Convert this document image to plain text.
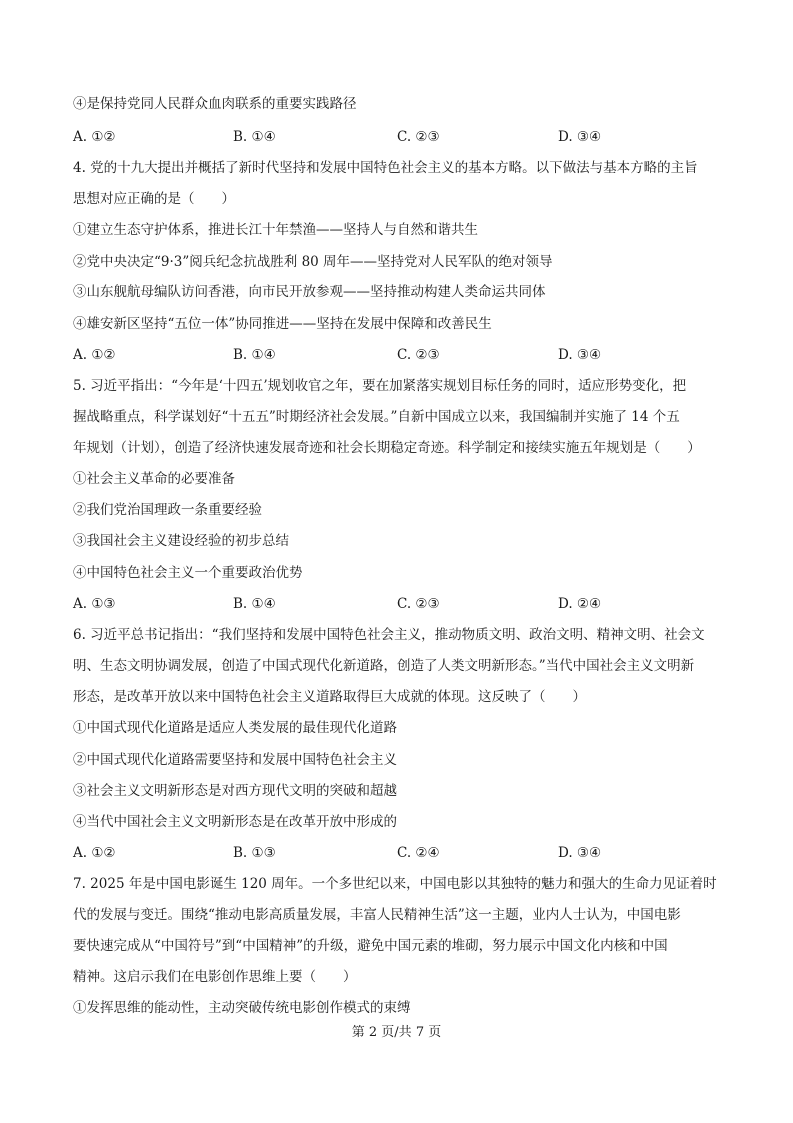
④是保持党同人民群众血肉联系的重要实践路径
A. ①②	B. ①④	C. ②③	D. ③④
4. 党的十九大提出并概括了新时代坚持和发展中国特色社会主义的基本方略。以下做法与基本方略的主旨
思想对应正确的是（　　）
①建立生态守护体系，推进长江十年禁渔——坚持人与自然和谐共生
②党中央决定“9·3”阅兵纪念抗战胜利 80 周年——坚持党对人民军队的绝对领导
③山东舰航母编队访问香港，向市民开放参观——坚持推动构建人类命运共同体
④雄安新区坚持“五位一体”协同推进——坚持在发展中保障和改善民生
A. ①②	B. ①④	C. ②③	D. ③④
5. 习近平指出：“今年是‘十四五’规划收官之年，要在加紧落实规划目标任务的同时，适应形势变化，把
握战略重点，科学谋划好“十五五”时期经济社会发展。”自新中国成立以来，我国编制并实施了 14 个五
年规划（计划），创造了经济快速发展奇迹和社会长期稳定奇迹。科学制定和接续实施五年规划是（　　）
①社会主义革命的必要准备
②我们党治国理政一条重要经验
③我国社会主义建设经验的初步总结
④中国特色社会主义一个重要政治优势
A. ①③	B. ①④	C. ②③	D. ②④
6. 习近平总书记指出：“我们坚持和发展中国特色社会主义，推动物质文明、政治文明、精神文明、社会文
明、生态文明协调发展，创造了中国式现代化新道路，创造了人类文明新形态。”当代中国社会主义文明新
形态，是改革开放以来中国特色社会主义道路取得巨大成就的体现。这反映了（　　）
①中国式现代化道路是适应人类发展的最佳现代化道路
②中国式现代化道路需要坚持和发展中国特色社会主义
③社会主义文明新形态是对西方现代文明的突破和超越
④当代中国社会主义文明新形态是在改革开放中形成的
A. ①②	B. ①③	C. ②④	D. ③④
7. 2025 年是中国电影诞生 120 周年。一个多世纪以来，中国电影以其独特的魅力和强大的生命力见证着时
代的发展与变迁。围绕“推动电影高质量发展，丰富人民精神生活”这一主题，业内人士认为，中国电影
要快速完成从“中国符号”到“中国精神”的升级，避免中国元素的堆砌，努力展示中国文化内核和中国
精神。这启示我们在电影创作思维上要（　　）
①发挥思维的能动性，主动突破传统电影创作模式的束缚
第 2 页/共 7 页
